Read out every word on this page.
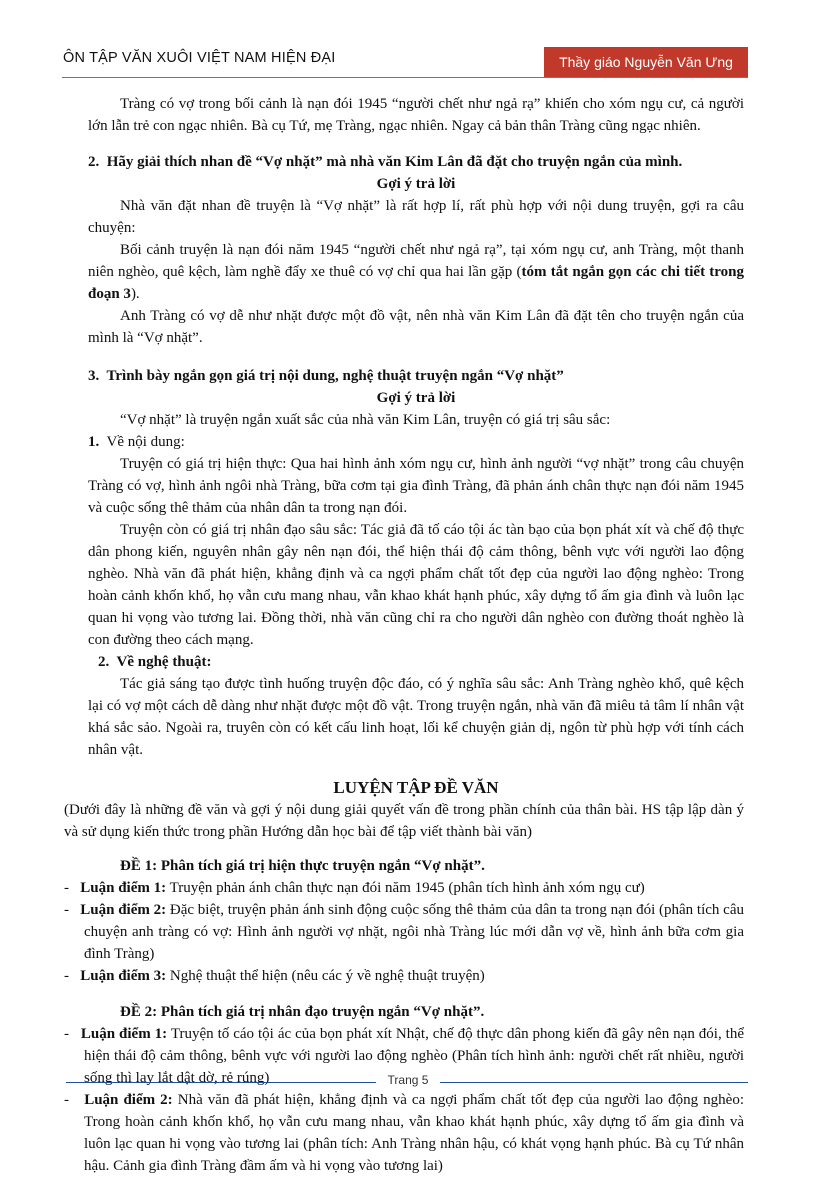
ÔN TẬP VĂN XUÔI VIỆT NAM HIỆN ĐẠI	Thầy giáo Nguyễn Văn Ưng

Tràng có vợ trong bối cảnh là nạn đói 1945 “người chết như ngả rạ” khiến cho xóm ngụ cư, cả người lớn lẫn trẻ con ngạc nhiên. Bà cụ Tứ, mẹ Tràng, ngạc nhiên. Ngay cả bản thân Tràng cũng ngạc nhiên.

2. Hãy giải thích nhan đề “Vợ nhặt” mà nhà văn Kim Lân đã đặt cho truyện ngắn của mình.

Gợi ý trả lời

Nhà văn đặt nhan đề truyện là “Vợ nhặt” là rất hợp lí, rất phù hợp với nội dung truyện, gợi ra câu chuyện:

Bối cảnh truyện là nạn đói năm 1945 “người chết như ngả rạ”, tại xóm ngụ cư, anh Tràng, một thanh niên nghèo, quê kệch, làm nghề đẩy xe thuê có vợ chỉ qua hai lần gặp (tóm tắt ngắn gọn các chi tiết trong đoạn 3).

Anh Tràng có vợ dễ như nhặt được một đồ vật, nên nhà văn Kim Lân đã đặt tên cho truyện ngắn của mình là “Vợ nhặt”.

3. Trình bày ngắn gọn giá trị nội dung, nghệ thuật truyện ngắn “Vợ nhặt”

Gợi ý trả lời

“Vợ nhặt” là truyện ngắn xuất sắc của nhà văn Kim Lân, truyện có giá trị sâu sắc:

1. Về nội dung:

Truyện có giá trị hiện thực: Qua hai hình ảnh xóm ngụ cư, hình ảnh người “vợ nhặt” trong câu chuyện Tràng có vợ, hình ảnh ngôi nhà Tràng, bữa cơm tại gia đình Tràng, đã phản ánh chân thực nạn đói năm 1945 và cuộc sống thê thảm của nhân dân ta trong nạn đói.

Truyện còn có giá trị nhân đạo sâu sắc: Tác giả đã tố cáo tội ác tàn bạo của bọn phát xít và chế độ thực dân phong kiến, nguyên nhân gây nên nạn đói, thể hiện thái độ cảm thông, bênh vực với người lao động nghèo. Nhà văn đã phát hiện, khẳng định và ca ngợi phẩm chất tốt đẹp của người lao động nghèo: Trong hoàn cảnh khốn khổ, họ vẫn cưu mang nhau, vẫn khao khát hạnh phúc, xây dựng tổ ấm gia đình và luôn lạc quan hi vọng vào tương lai. Đồng thời, nhà văn cũng chỉ ra cho người dân nghèo con đường thoát nghèo là con đường theo cách mạng.

2. Về nghệ thuật:

Tác giả sáng tạo được tình huống truyện độc đáo, có ý nghĩa sâu sắc: Anh Tràng nghèo khổ, quê kệch lại có vợ một cách dễ dàng như nhặt được một đồ vật. Trong truyện ngắn, nhà văn đã miêu tả tâm lí nhân vật khá sắc sảo. Ngoài ra, truyên còn có kết cấu linh hoạt, lối kể chuyện giản dị, ngôn từ phù hợp với tính cách nhân vật.

LUYỆN TẬP ĐỀ VĂN

(Dưới đây là những đề văn và gợi ý nội dung giải quyết vấn đề trong phần chính của thân bài. HS tập lập dàn ý và sử dụng kiến thức trong phần Hướng dẫn học bài để tập viết thành bài văn)

ĐỀ 1: Phân tích giá trị hiện thực truyện ngắn “Vợ nhặt”.

-   Luận điểm 1: Truyện phản ánh chân thực nạn đói năm 1945 (phân tích hình ảnh xóm ngụ cư)

-   Luận điểm 2: Đặc biệt, truyện phản ánh sinh động cuộc sống thê thảm của dân ta trong nạn đói (phân tích câu chuyện anh tràng có vợ: Hình ảnh người vợ nhặt, ngôi nhà Tràng lúc mới dẫn vợ về, hình ảnh bữa cơm gia đình Tràng)

-   Luận điểm 3: Nghệ thuật thể hiện (nêu các ý về nghệ thuật truyện)

ĐỀ 2: Phân tích giá trị nhân đạo truyện ngắn “Vợ nhặt”.

-   Luận điểm 1: Truyện tố cáo tội ác của bọn phát xít Nhật, chế độ thực dân phong kiến đã gây nên nạn đói, thể hiện thái độ cảm thông, bênh vực với người lao động nghèo (Phân tích hình ảnh: người chết rất nhiều, người sống thì lay lắt dật dờ, rẻ rúng)

-   Luận điểm 2: Nhà văn đã phát hiện, khẳng định và ca ngợi phẩm chất tốt đẹp của người lao động nghèo: Trong hoàn cảnh khốn khổ, họ vẫn cưu mang nhau, vẫn khao khát hạnh phúc, xây dựng tổ ấm gia đình và luôn lạc quan hi vọng vào tương lai (phân tích: Anh Tràng nhân hậu, có khát vọng hạnh phúc. Bà cụ Tứ nhân hậu. Cảnh gia đình Tràng đầm ấm và hi vọng vào tương lai)

Trang 5
